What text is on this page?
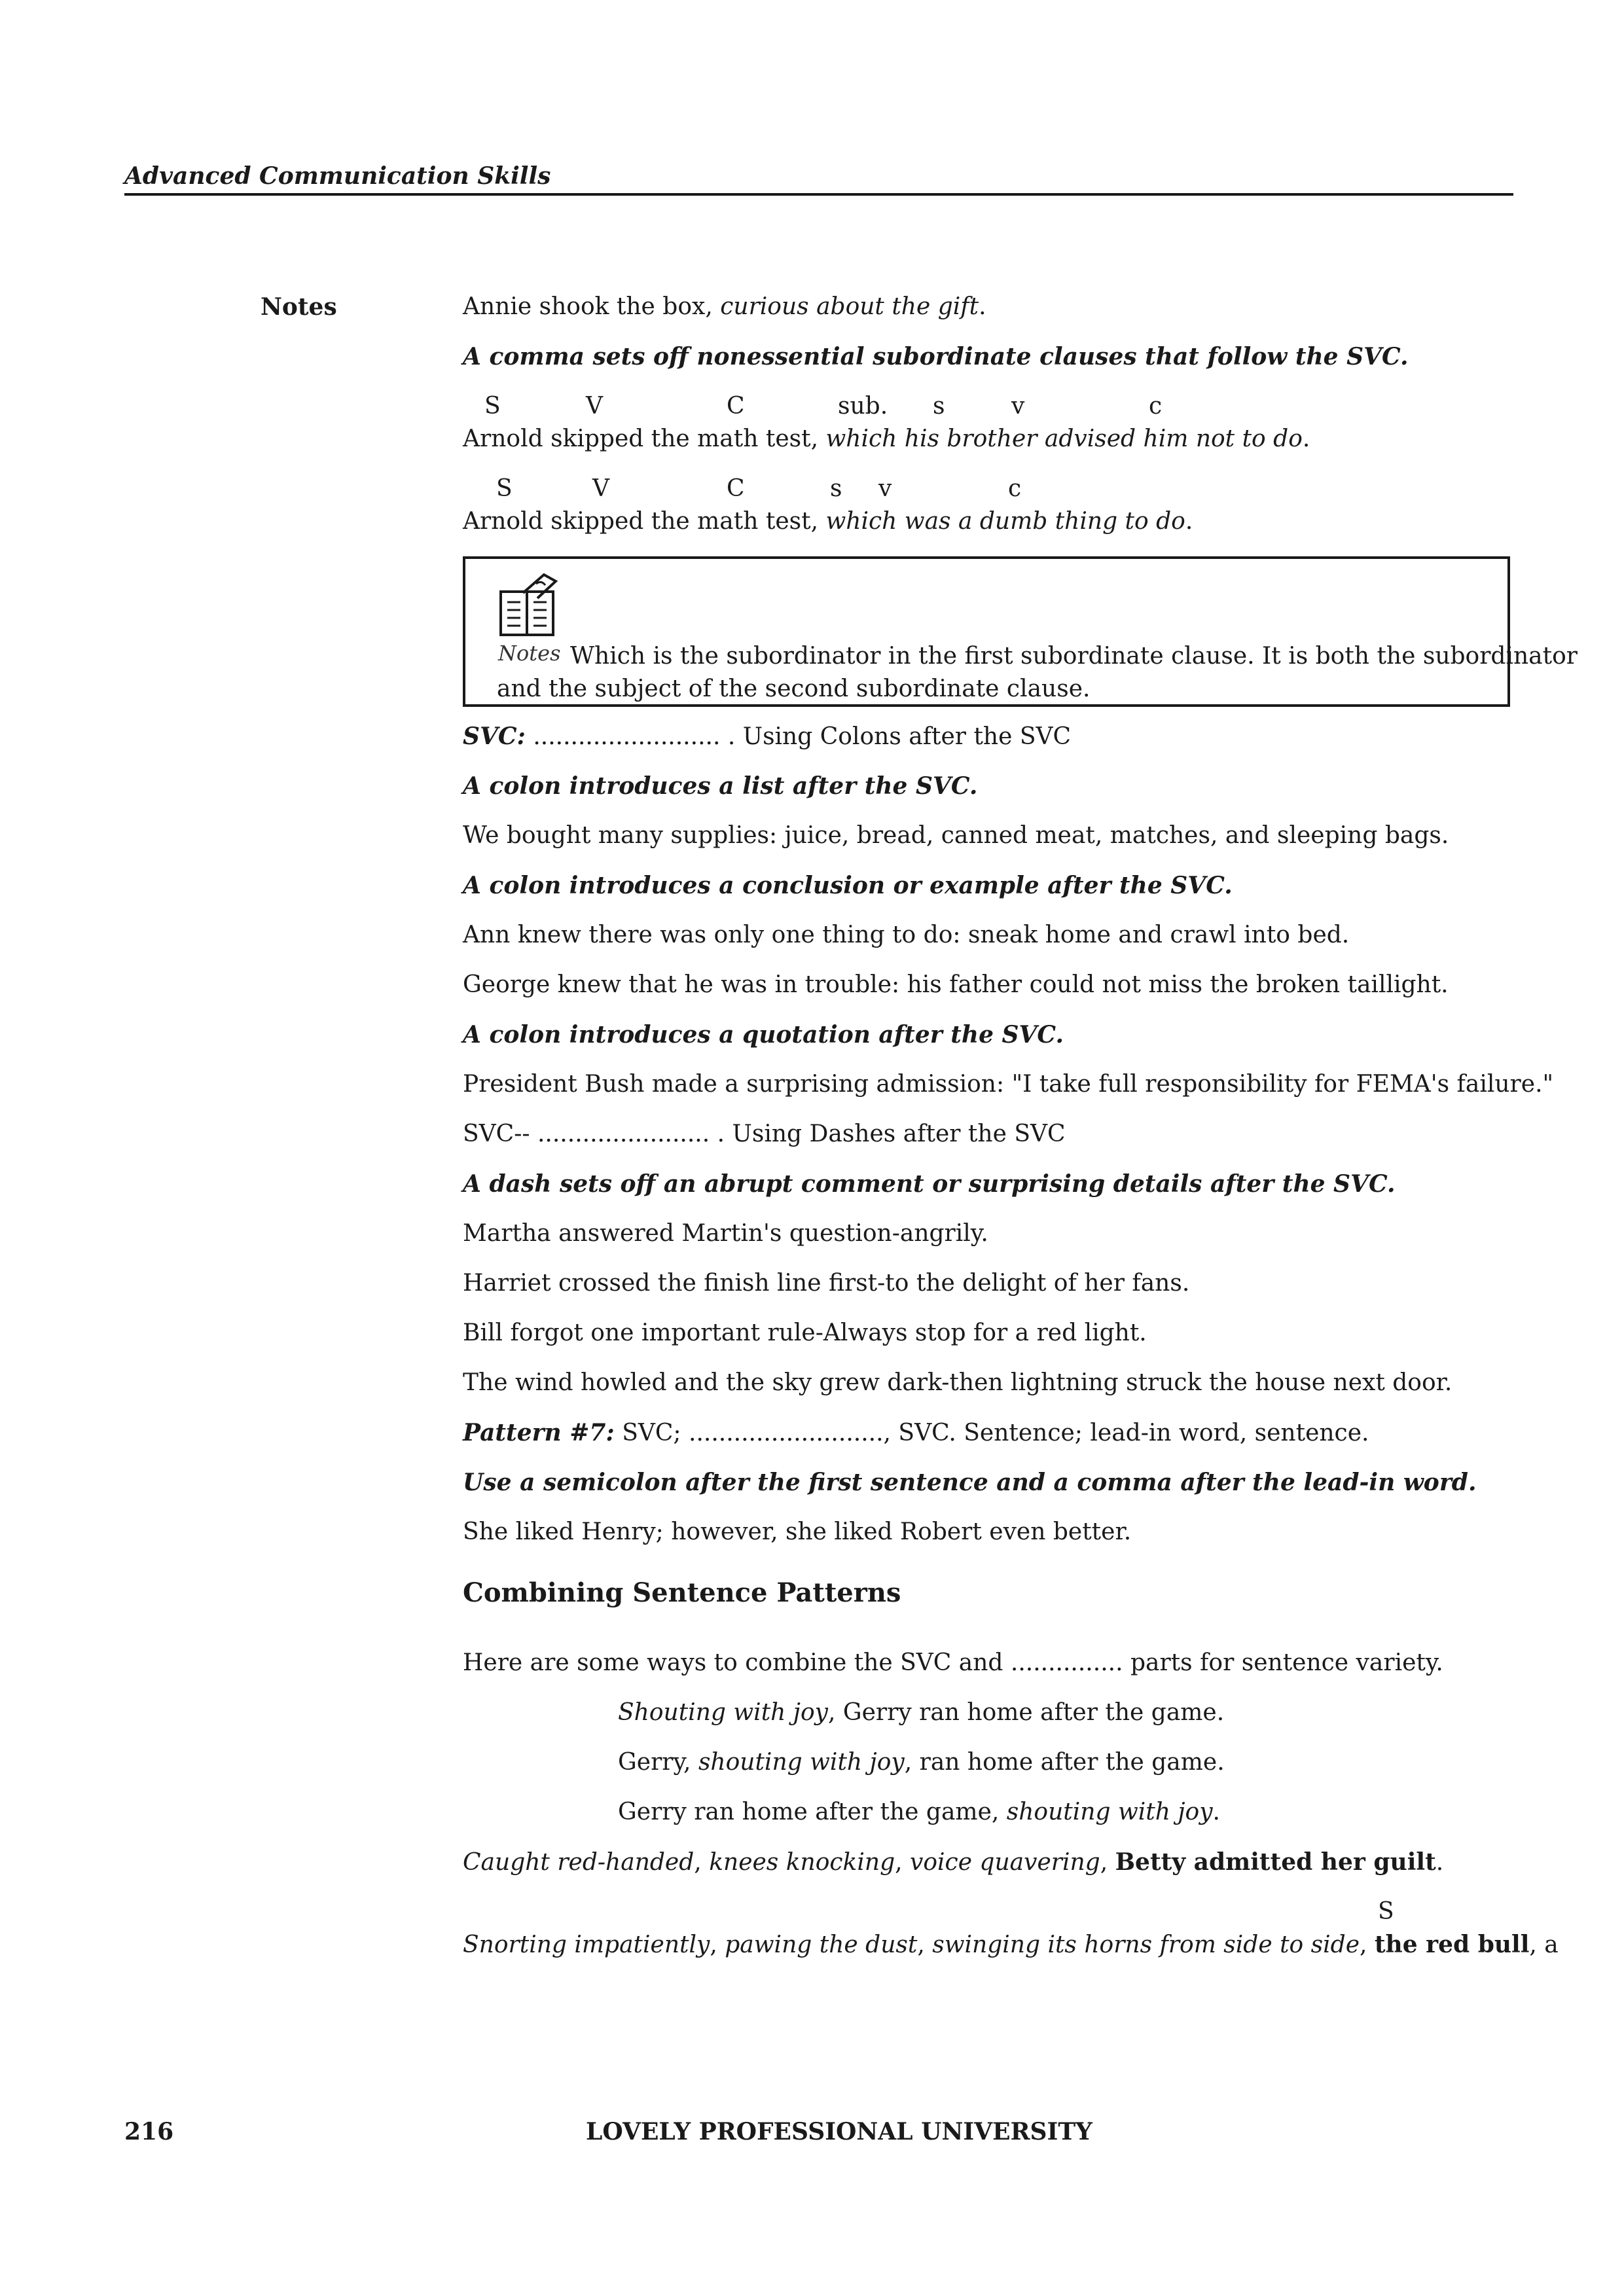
Advanced Communication Skills
Notes	Annie shook the box, curious about the gift.
A comma sets off nonessential subordinate clauses that follow the SVC.
S	V	C	sub. s	v	c
Arnold skipped the math test, which his brother advised him not to do.
S	V	C	s v	c
Arnold skipped the math test, which was a dumb thing to do.
Notes Which is the subordinator in the first subordinate clause. It is both the subordinator
and the subject of the second subordinate clause.
SVC: ......................... . Using Colons after the SVC
A colon introduces a list after the SVC.
We bought many supplies: juice, bread, canned meat, matches, and sleeping bags.
A colon introduces a conclusion or example after the SVC.
Ann knew there was only one thing to do: sneak home and crawl into bed.
George knew that he was in trouble: his father could not miss the broken taillight.
A colon introduces a quotation after the SVC.
President Bush made a surprising admission: "I take full responsibility for FEMA's failure."
SVC-- ....................... . Using Dashes after the SVC
A dash sets off an abrupt comment or surprising details after the SVC.
Martha answered Martin's question-angrily.
Harriet crossed the finish line first-to the delight of her fans.
Bill forgot one important rule-Always stop for a red light.
The wind howled and the sky grew dark-then lightning struck the house next door.
Pattern #7: SVC; .........................., SVC. Sentence; lead-in word, sentence.
Use a semicolon after the first sentence and a comma after the lead-in word.
She liked Henry; however, she liked Robert even better.
Combining Sentence Patterns
Here are some ways to combine the SVC and ............... parts for sentence variety.
Shouting with joy, Gerry ran home after the game.
Gerry, shouting with joy, ran home after the game.
Gerry ran home after the game, shouting with joy.
Caught red-handed, knees knocking, voice quavering, Betty admitted her guilt.
S
Snorting impatiently, pawing the dust, swinging its horns from side to side, the red bull, a
216	LOVELY PROFESSIONAL UNIVERSITY
